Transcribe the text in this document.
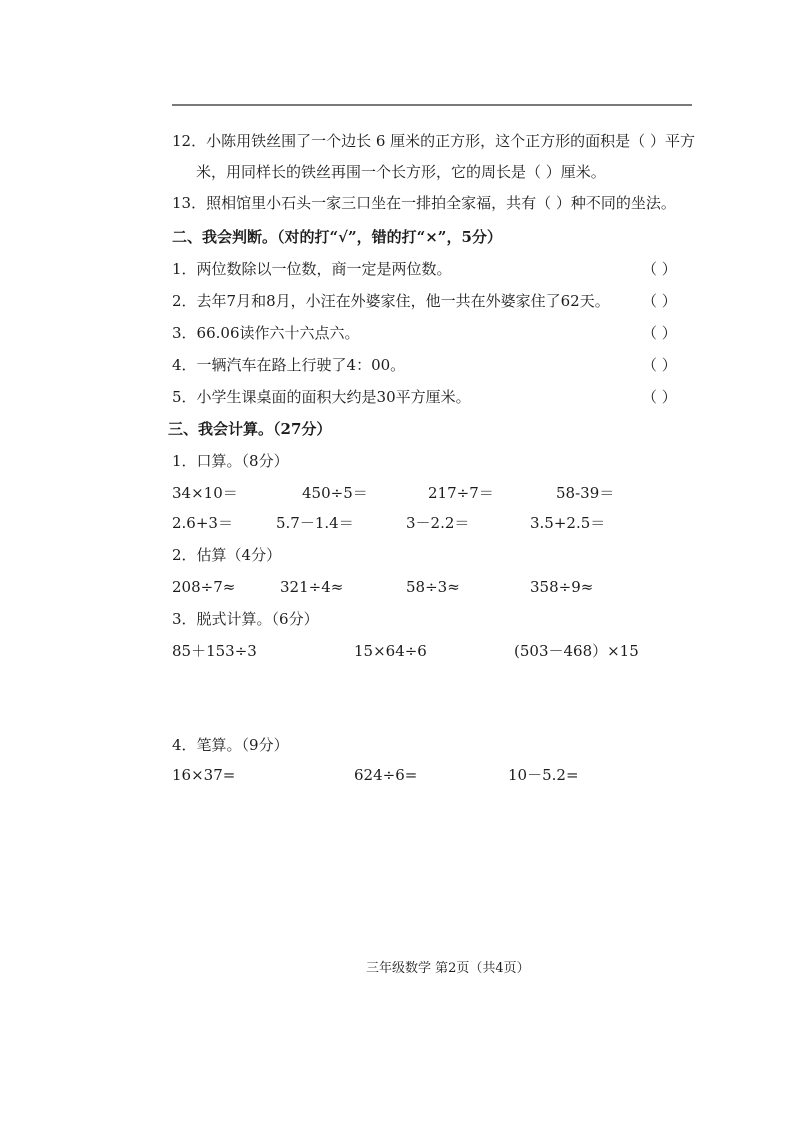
12．小陈用铁丝围了一个边长 6 厘米的正方形，这个正方形的面积是（ ）平方
米，用同样长的铁丝再围一个长方形，它的周长是（ ）厘米。
13．照相馆里小石头一家三口坐在一排拍全家福，共有（ ）种不同的坐法。
二、我会判断。（对的打“√”，错的打“×”，5分）
1．两位数除以一位数，商一定是两位数。	（ ）
2．去年7月和8月，小汪在外婆家住，他一共在外婆家住了62天。 （ ）
3．66.06读作六十六点六。	（ ）
4．一辆汽车在路上行驶了4：00。	（ ）
5．小学生课桌面的面积大约是30平方厘米。	（ ）
三、我会计算。（27分）
1．口算。（8分）
34×10＝	450÷5＝	217÷7＝	58-39＝
2.6+3＝	5.7－1.4＝	3－2.2＝	3.5+2.5＝
2．估算（4分）
208÷7≈	321÷4≈	58÷3≈	358÷9≈
3．脱式计算。（6分）
85＋153÷3	15×64÷6	(503－468）×15
4．笔算。（9分）
16×37=	624÷6=	10－5.2=
三年级数学 第2页（共4页）
